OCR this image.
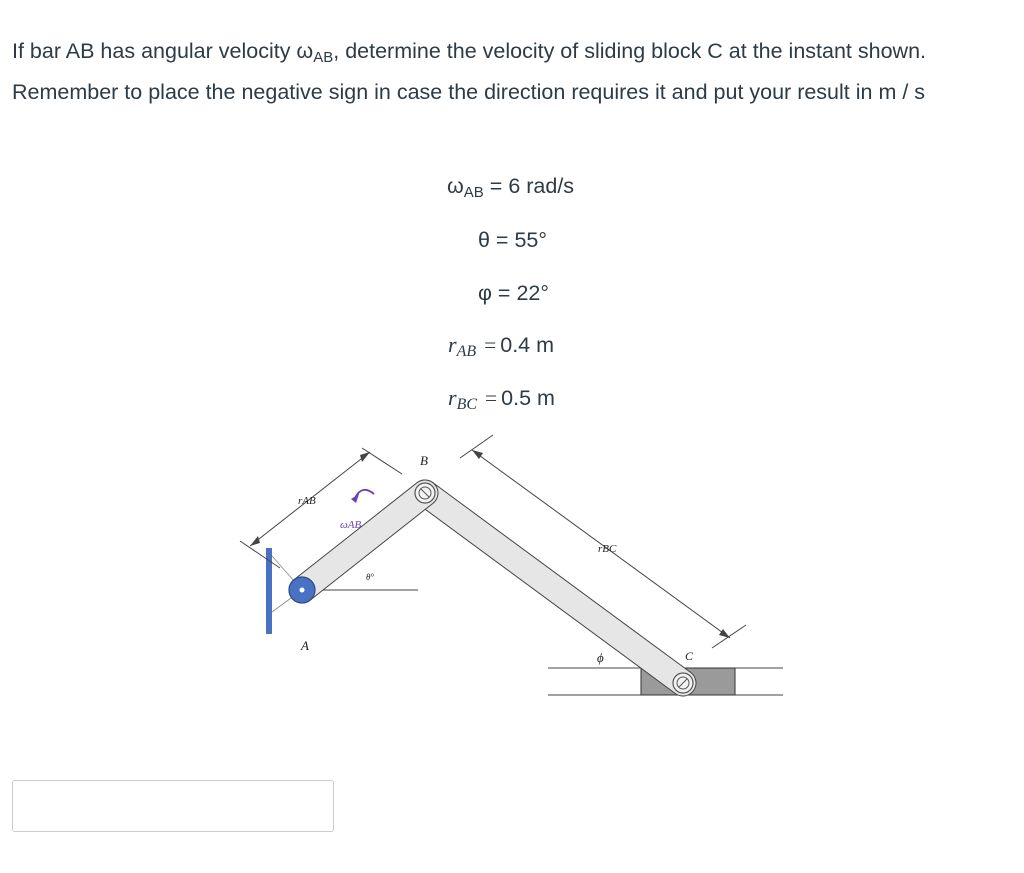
If bar AB has angular velocity $\omega_{AB}$, determine the velocity of sliding block C at the instant shown.

Remember to place the negative sign in case the direction requires it and put your result in m / s

$\omega_{AB} = 6$ rad/s
θ = 55°
φ = 22°
rAB = 0.4 m
rBC = 0.5 m
B
A
C
rAB
ωAB
θ°
rBC
ϕ
